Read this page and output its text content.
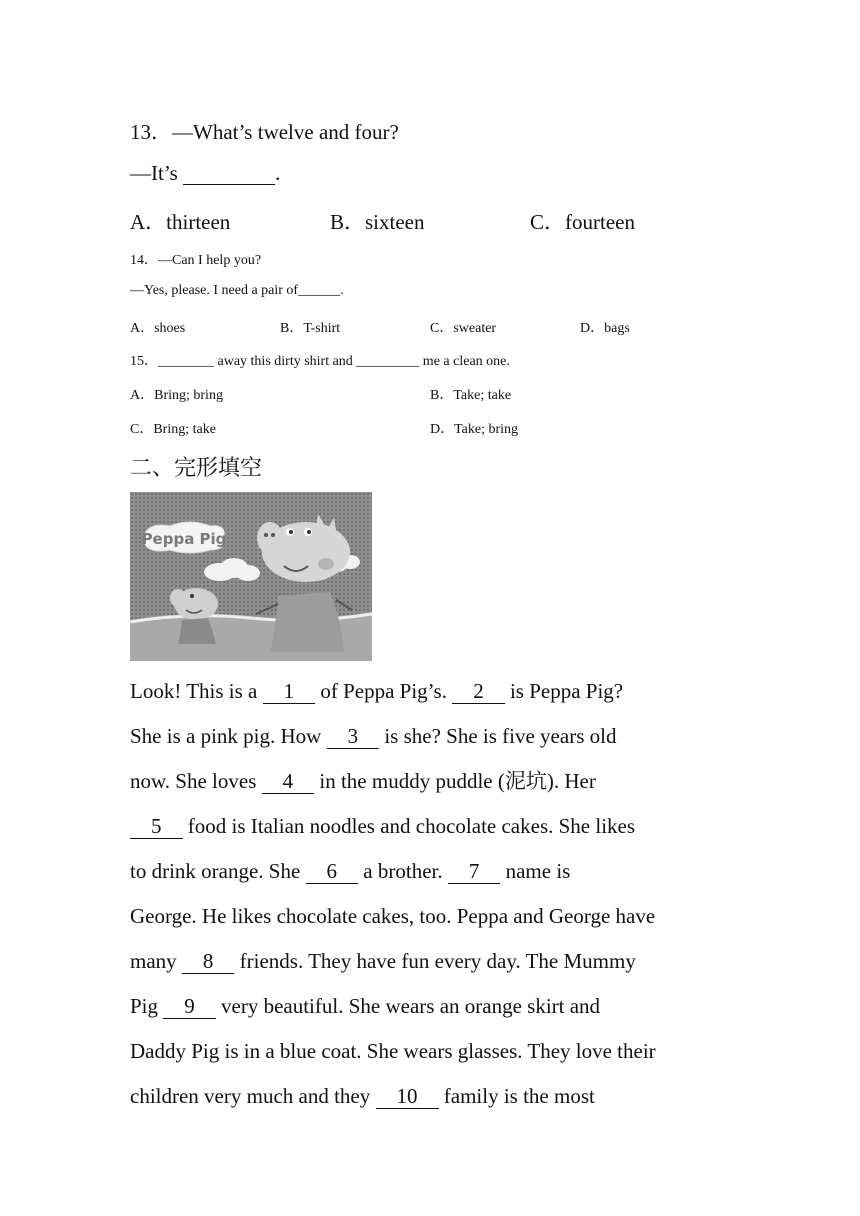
13．—What’s twelve and four?
—It’s	.
A．thirteen	B．sixteen	C．fourteen
14．—Can I help you?
—Yes, please. I need a pair of______.
A．shoes	B．T-shirt	C．sweater	D．bags
15．________ away this dirty shirt and _________ me a clean one.
A．Bring; bring	B．Take; take
C．Bring; take	D．Take; bring
二、完形填空
Peppa Pig
Look! This is a     1     of Peppa Pig’s.     2     is Peppa Pig?
She is a pink pig. How     3     is she? She is five years old
now. She loves     4     in the muddy puddle (泥坑). Her
5     food is Italian noodles and chocolate cakes. She likes
to drink orange. She     6     a brother.     7     name is
George. He likes chocolate cakes, too. Peppa and George have
many     8     friends. They have fun every day. The Mummy
Pig     9     very beautiful. She wears an orange skirt and
Daddy Pig is in a blue coat. She wears glasses. They love their
children very much and they     10     family is the most
